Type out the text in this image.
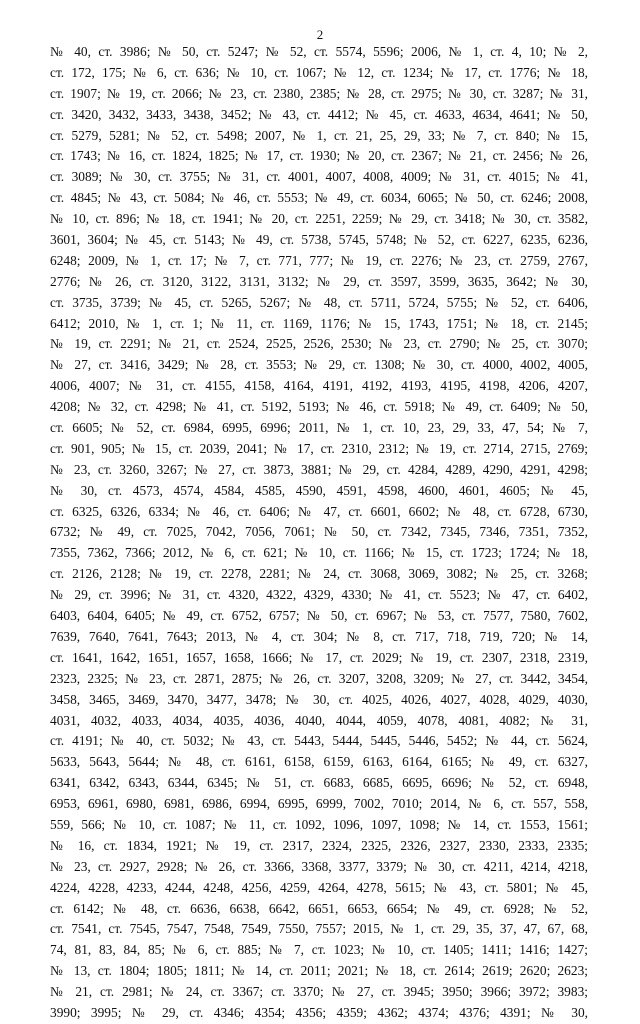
2
№ 40, ст. 3986; № 50, ст. 5247; № 52, ст. 5574, 5596; 2006, № 1, ст. 4, 10; № 2,
ст. 172, 175; № 6, ст. 636; № 10, ст. 1067; № 12, ст. 1234; № 17, ст. 1776; № 18,
ст. 1907; № 19, ст. 2066; № 23, ст. 2380, 2385; № 28, ст. 2975; № 30, ст. 3287; № 31,
ст. 3420, 3432, 3433, 3438, 3452; № 43, ст. 4412; № 45, ст. 4633, 4634, 4641; № 50,
ст. 5279, 5281; № 52, ст. 5498; 2007, № 1, ст. 21, 25, 29, 33; № 7, ст. 840; № 15,
ст. 1743; № 16, ст. 1824, 1825; № 17, ст. 1930; № 20, ст. 2367; № 21, ст. 2456; № 26,
ст. 3089; № 30, ст. 3755; № 31, ст. 4001, 4007, 4008, 4009; № 31, ст. 4015; № 41,
ст. 4845; № 43, ст. 5084; № 46, ст. 5553; № 49, ст. 6034, 6065; № 50, ст. 6246; 2008,
№ 10, ст. 896; № 18, ст. 1941; № 20, ст. 2251, 2259; № 29, ст. 3418; № 30, ст. 3582,
3601, 3604; № 45, ст. 5143; № 49, ст. 5738, 5745, 5748; № 52, ст. 6227, 6235, 6236,
6248; 2009, № 1, ст. 17; № 7, ст. 771, 777; № 19, ст. 2276; № 23, ст. 2759, 2767,
2776; № 26, ст. 3120, 3122, 3131, 3132; № 29, ст. 3597, 3599, 3635, 3642; № 30,
ст. 3735, 3739; № 45, ст. 5265, 5267; № 48, ст. 5711, 5724, 5755; № 52, ст. 6406,
6412; 2010, № 1, ст. 1; № 11, ст. 1169, 1176; № 15, 1743, 1751; № 18, ст. 2145;
№ 19, ст. 2291; № 21, ст. 2524, 2525, 2526, 2530; № 23, ст. 2790; № 25, ст. 3070;
№ 27, ст. 3416, 3429; № 28, ст. 3553; № 29, ст. 1308; № 30, ст. 4000, 4002, 4005,
4006, 4007; № 31, ст. 4155, 4158, 4164, 4191, 4192, 4193, 4195, 4198, 4206, 4207,
4208; № 32, ст. 4298; № 41, ст. 5192, 5193; № 46, ст. 5918; № 49, ст. 6409; № 50,
ст. 6605; № 52, ст. 6984, 6995, 6996; 2011, № 1, ст. 10, 23, 29, 33, 47, 54; № 7,
ст. 901, 905; № 15, ст. 2039, 2041; № 17, ст. 2310, 2312; № 19, ст. 2714, 2715, 2769;
№ 23, ст. 3260, 3267; № 27, ст. 3873, 3881; № 29, ст. 4284, 4289, 4290, 4291, 4298;
№ 30, ст. 4573, 4574, 4584, 4585, 4590, 4591, 4598, 4600, 4601, 4605; № 45,
ст. 6325, 6326, 6334; № 46, ст. 6406; № 47, ст. 6601, 6602; № 48, ст. 6728, 6730,
6732; № 49, ст. 7025, 7042, 7056, 7061; № 50, ст. 7342, 7345, 7346, 7351, 7352,
7355, 7362, 7366; 2012, № 6, ст. 621; № 10, ст. 1166; № 15, ст. 1723; 1724; № 18,
ст. 2126, 2128; № 19, ст. 2278, 2281; № 24, ст. 3068, 3069, 3082; № 25, ст. 3268;
№ 29, ст. 3996; № 31, ст. 4320, 4322, 4329, 4330; № 41, ст. 5523; № 47, ст. 6402,
6403, 6404, 6405; № 49, ст. 6752, 6757; № 50, ст. 6967; № 53, ст. 7577, 7580, 7602,
7639, 7640, 7641, 7643; 2013, № 4, ст. 304; № 8, ст. 717, 718, 719, 720; № 14,
ст. 1641, 1642, 1651, 1657, 1658, 1666; № 17, ст. 2029; № 19, ст. 2307, 2318, 2319,
2323, 2325; № 23, ст. 2871, 2875; № 26, ст. 3207, 3208, 3209; № 27, ст. 3442, 3454,
3458, 3465, 3469, 3470, 3477, 3478; № 30, ст. 4025, 4026, 4027, 4028, 4029, 4030,
4031, 4032, 4033, 4034, 4035, 4036, 4040, 4044, 4059, 4078, 4081, 4082; № 31,
ст. 4191; № 40, ст. 5032; № 43, ст. 5443, 5444, 5445, 5446, 5452; № 44, ст. 5624,
5633, 5643, 5644; № 48, ст. 6161, 6158, 6159, 6163, 6164, 6165; № 49, ст. 6327,
6341, 6342, 6343, 6344, 6345; № 51, ст. 6683, 6685, 6695, 6696; № 52, ст. 6948,
6953, 6961, 6980, 6981, 6986, 6994, 6995, 6999, 7002, 7010; 2014, № 6, ст. 557, 558,
559, 566; № 10, ст. 1087; № 11, ст. 1092, 1096, 1097, 1098; № 14, ст. 1553, 1561;
№ 16, ст. 1834, 1921; № 19, ст. 2317, 2324, 2325, 2326, 2327, 2330, 2333, 2335;
№ 23, ст. 2927, 2928; № 26, ст. 3366, 3368, 3377, 3379; № 30, ст. 4211, 4214, 4218,
4224, 4228, 4233, 4244, 4248, 4256, 4259, 4264, 4278, 5615; № 43, ст. 5801; № 45,
ст. 6142; № 48, ст. 6636, 6638, 6642, 6651, 6653, 6654; № 49, ст. 6928; № 52,
ст. 7541, ст. 7545, 7547, 7548, 7549, 7550, 7557; 2015, № 1, ст. 29, 35, 37, 47, 67, 68,
74, 81, 83, 84, 85; № 6, ст. 885; № 7, ст. 1023; № 10, ст. 1405; 1411; 1416; 1427;
№ 13, ст. 1804; 1805; 1811; № 14, ст. 2011; 2021; № 18, ст. 2614; 2619; 2620; 2623;
№ 21, ст. 2981; № 24, ст. 3367; ст. 3370; № 27, ст. 3945; 3950; 3966; 3972; 3983;
3990; 3995; № 29, ст. 4346; 4354; 4356; 4359; 4362; 4374; 4376; 4391; № 30,
